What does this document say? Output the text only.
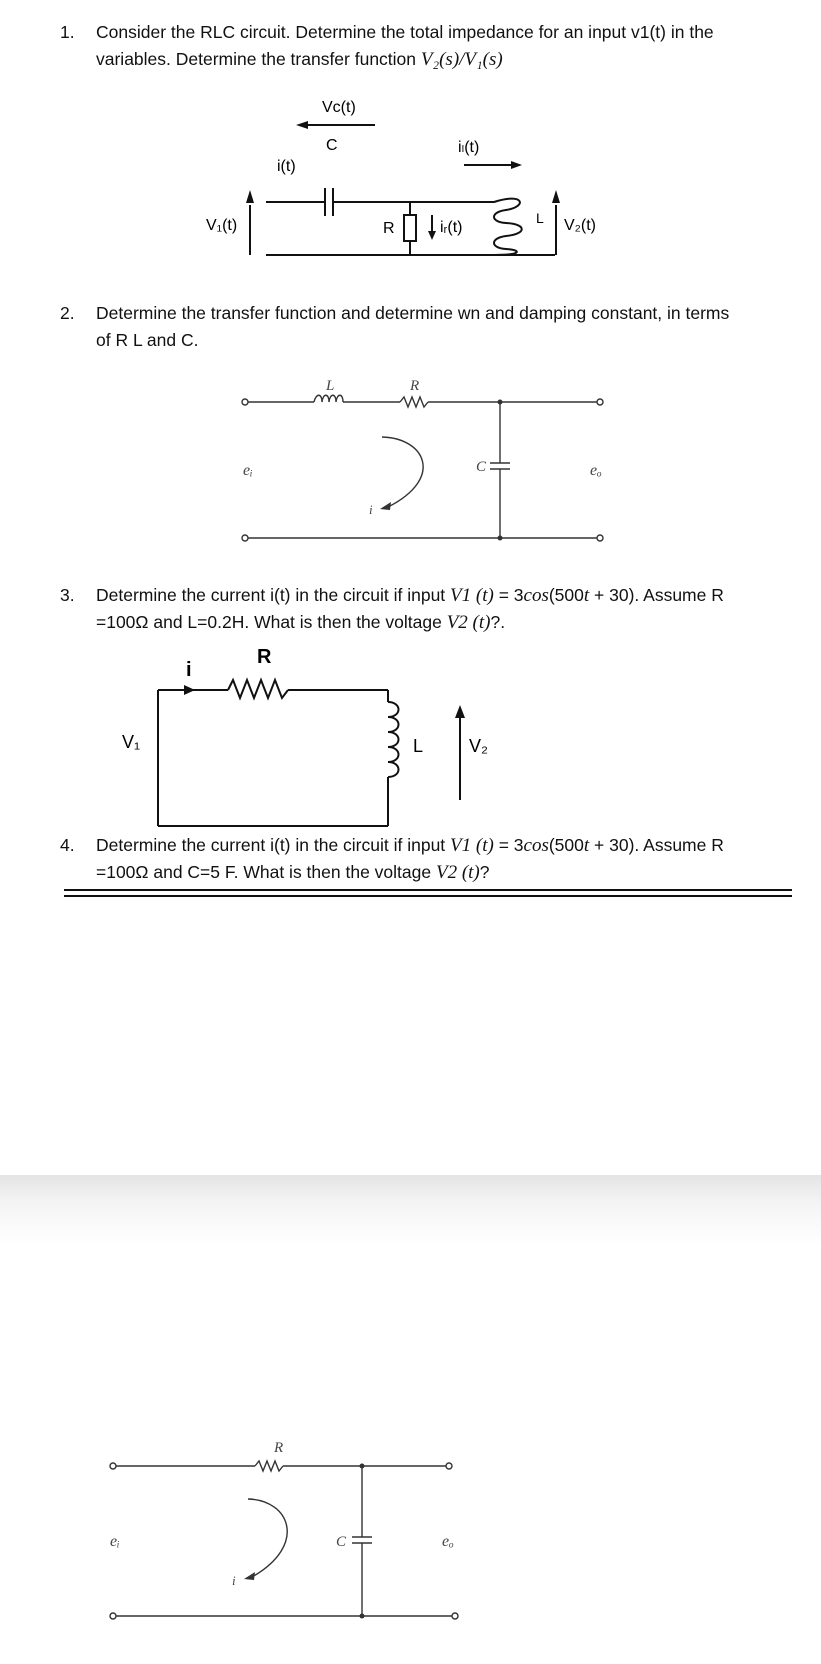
1. Consider the RLC circuit. Determine the total impedance for an input v1(t) in the
variables. Determine the transfer function V₂(s)/V₁(s)
Vc(t)
C
i(t)
iₗ(t)
V₁(t)	R	iᵣ(t)
L V₂(t)
2. Determine the transfer function and determine wn and damping constant, in terms
of R L and C.
L	R
eᵢ	C	eₒ
i
3. Determine the current i(t) in the circuit if input V1 (t) = 3cos(500t + 30). Assume R
=100Ω and L=0.2H. What is then the voltage V2 (t)?.
R
i
V₁	L	V₂
4. Determine the current i(t) in the circuit if input V1 (t) = 3cos(500t + 30). Assume R
=100Ω and C=5 F. What is then the voltage V2 (t)?
R
eᵢ	C	eₒ
i
